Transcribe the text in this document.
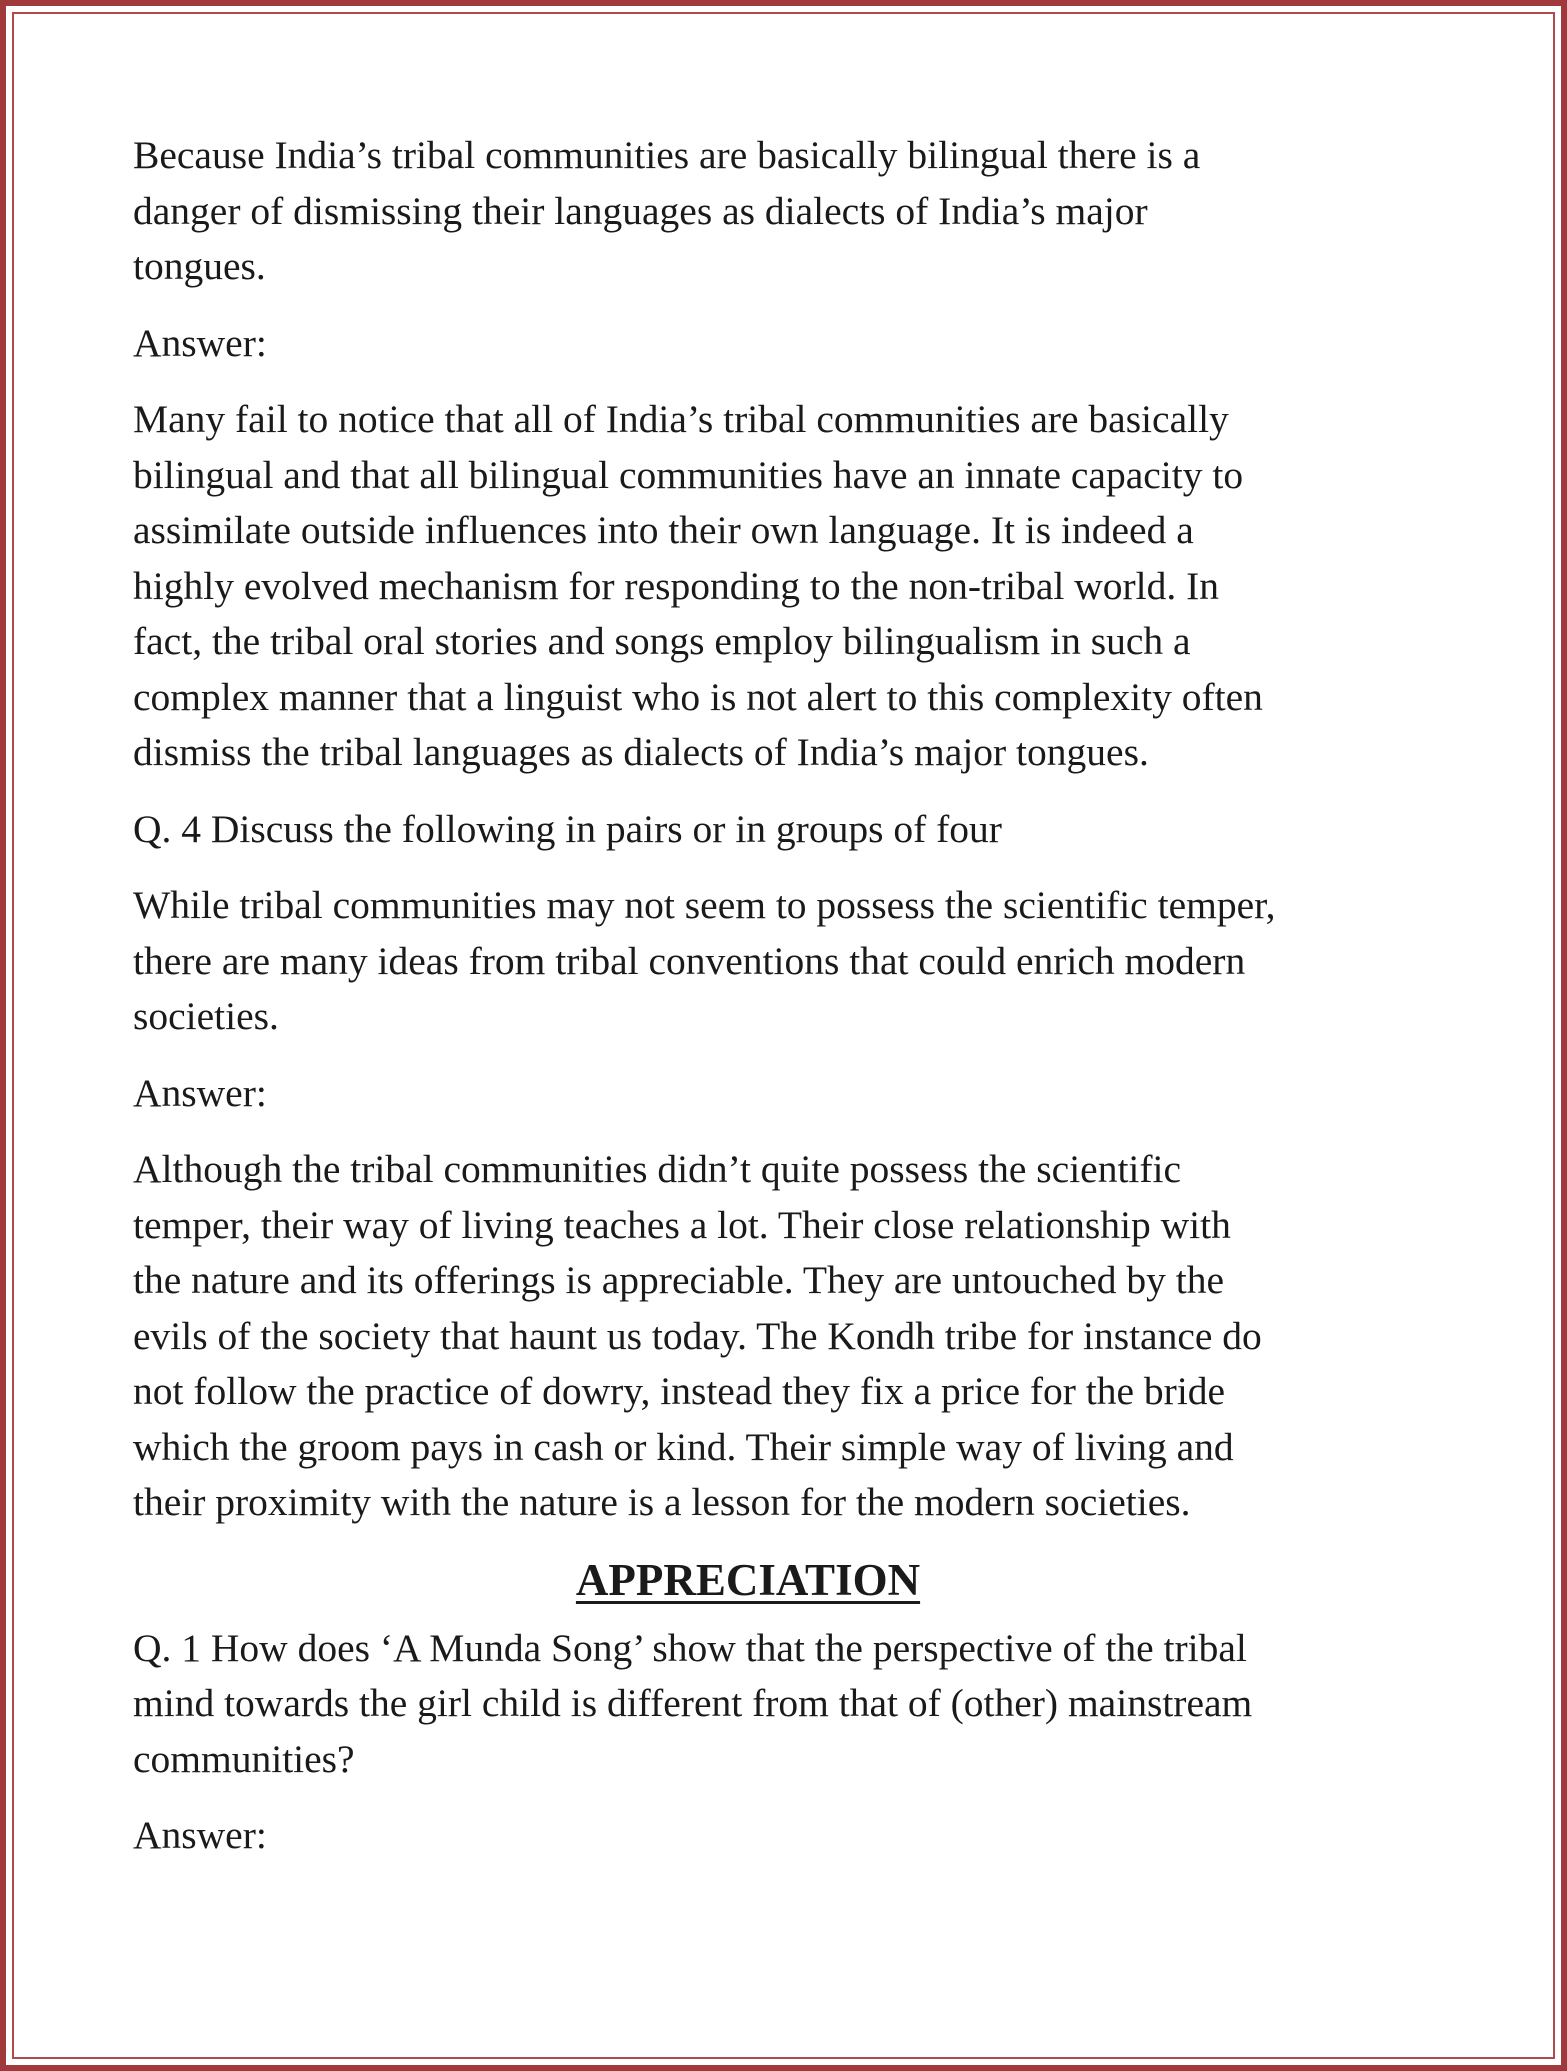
Because India’s tribal communities are basically bilingual there is a
danger of dismissing their languages as dialects of India’s major
tongues.

Answer:

Many fail to notice that all of India’s tribal communities are basically
bilingual and that all bilingual communities have an innate capacity to
assimilate outside influences into their own language. It is indeed a
highly evolved mechanism for responding to the non-tribal world. In
fact, the tribal oral stories and songs employ bilingualism in such a
complex manner that a linguist who is not alert to this complexity often
dismiss the tribal languages as dialects of India’s major tongues.

Q. 4 Discuss the following in pairs or in groups of four

While tribal communities may not seem to possess the scientific temper,
there are many ideas from tribal conventions that could enrich modern
societies.

Answer:

Although the tribal communities didn’t quite possess the scientific
temper, their way of living teaches a lot. Their close relationship with
the nature and its offerings is appreciable. They are untouched by the
evils of the society that haunt us today. The Kondh tribe for instance do
not follow the practice of dowry, instead they fix a price for the bride
which the groom pays in cash or kind. Their simple way of living and
their proximity with the nature is a lesson for the modern societies.

APPRECIATION

Q. 1 How does ‘A Munda Song’ show that the perspective of the tribal
mind towards the girl child is different from that of (other) mainstream
communities?

Answer:
